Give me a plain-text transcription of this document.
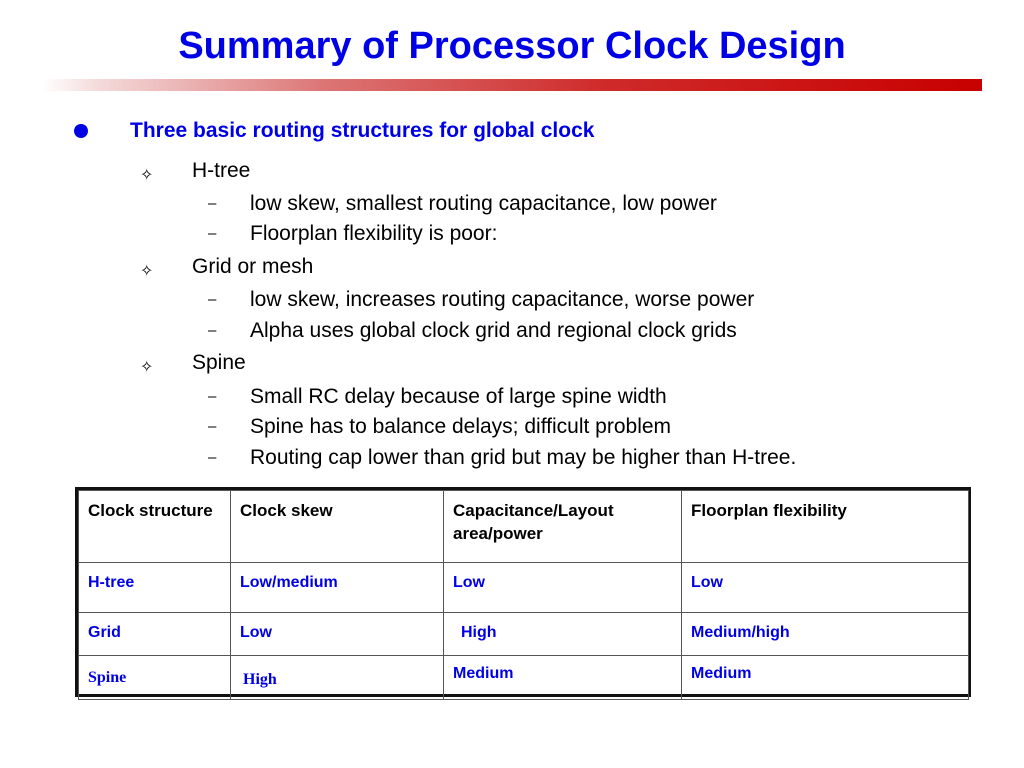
Summary of Processor Clock Design
Three basic routing structures for global clock
✧ H-tree
– low skew, smallest routing capacitance, low power
– Floorplan flexibility is poor:
✧ Grid or mesh
– low skew, increases routing capacitance, worse power
– Alpha uses global clock grid and regional clock grids
✧ Spine
– Small RC delay because of large spine width
– Spine has to balance delays; difficult problem
– Routing cap lower than grid but may be higher than H-tree.
Clock structure	Clock skew	Capacitance/Layout area/power	Floorplan flexibility
H-tree	Low/medium	Low	Low
Grid	Low	High	Medium/high
Spine	High	Medium	Medium
